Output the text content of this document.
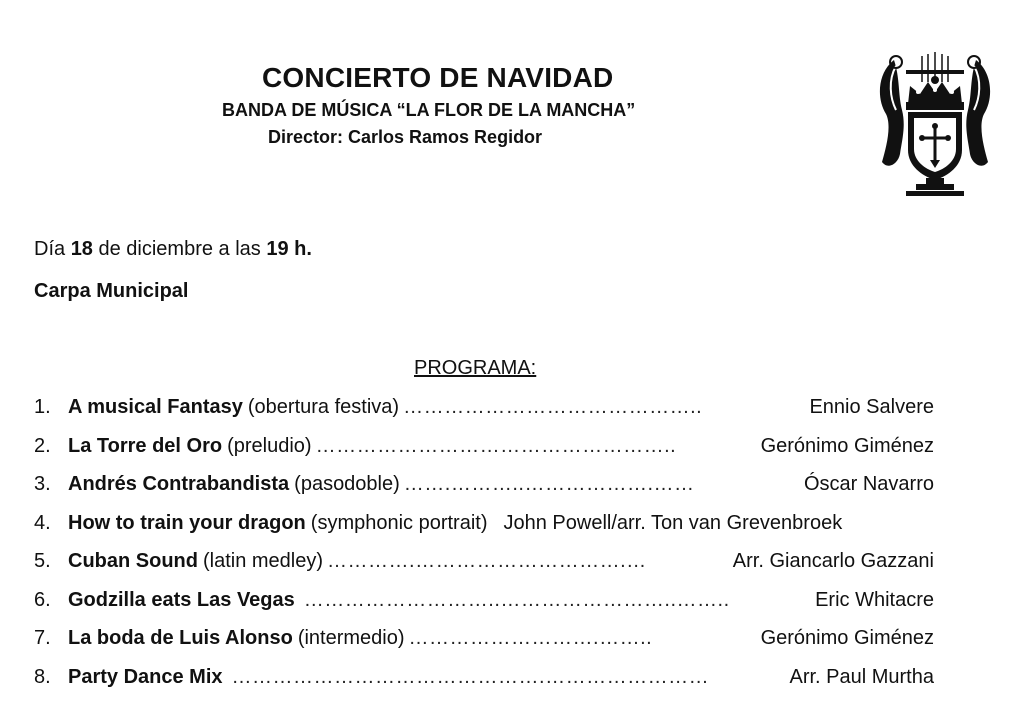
CONCIERTO DE NAVIDAD
BANDA DE MÚSICA “LA FLOR DE LA MANCHA”
Director: Carlos Ramos Regidor
Día 18 de diciembre a las 19 h.
Carpa Municipal
PROGRAMA:
1. A musical Fantasy (obertura festiva) ……………………………………..	Ennio Salvere
2. La Torre del Oro (preludio) ……………………………………………..	Gerónimo Giménez
3. Andrés Contrabandista (pasodoble) …….………..……………….……	Óscar Navarro
4. How to train your dragon (symphonic portrait) John Powell/arr. Ton van Grevenbroek
5. Cuban Sound (latin medley) ………….………………………….…	Arr. Giancarlo Gazzani
6. Godzilla eats Las Vegas ………………………..……………………..……..	Eric Whitacre
7. La boda de Luis Alonso (intermedio) ……………………….……..	Gerónimo Giménez
8. Party Dance Mix ……………………………………….……………………	Arr. Paul Murtha
